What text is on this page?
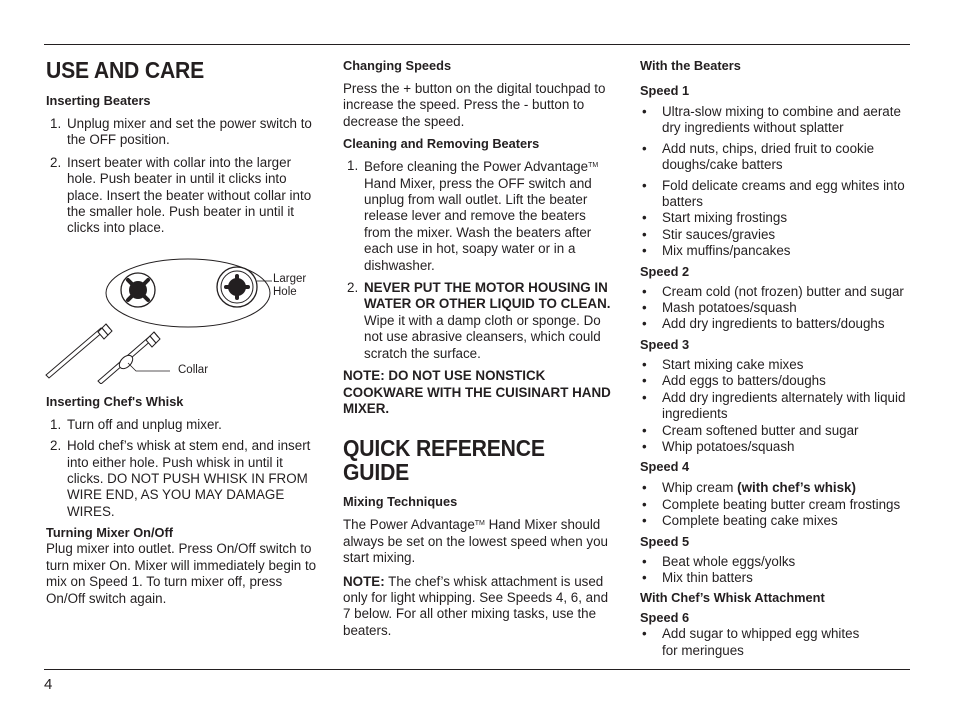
USE AND CARE
Inserting Beaters
1. Unplug mixer and set the power switch to the OFF position.
2. Insert beater with collar into the larger hole. Push beater in until it clicks into place. Insert the beater without collar into the smaller hole. Push beater in until it clicks into place.
Larger Hole
Collar
Inserting Chef's Whisk
1. Turn off and unplug mixer.
2. Hold chef’s whisk at stem end, and insert into either hole. Push whisk in until it clicks. DO NOT PUSH WHISK IN FROM WIRE END, AS YOU MAY DAMAGE WIRES.
Turning Mixer On/Off

Plug mixer into outlet. Press On/Off switch to turn mixer On. Mixer will immediately begin to mix on Speed 1. To turn mixer off, press On/Off switch again.

Changing Speeds

Press the + button on the digital touchpad to increase the speed. Press the - button to decrease the speed.

Cleaning and Removing Beaters
1. Before cleaning the Power Advantage™ Hand Mixer, press the OFF switch and unplug from wall outlet. Lift the beater release lever and remove the beaters from the mixer. Wash the beaters after each use in hot, soapy water or in a dishwasher.
2. NEVER PUT THE MOTOR HOUSING IN WATER OR OTHER LIQUID TO CLEAN. Wipe it with a damp cloth or sponge. Do not use abrasive cleansers, which could scratch the surface.

NOTE: DO NOT USE NONSTICK COOKWARE WITH THE CUISINART HAND MIXER.

QUICK REFERENCE GUIDE
Mixing Techniques

The Power Advantage™ Hand Mixer should always be set on the lowest speed when you start mixing.

NOTE: The chef’s whisk attachment is used only for light whipping. See Speeds 4, 6, and 7 below. For all other mixing tasks, use the beaters.

With the Beaters
Speed 1
• Ultra-slow mixing to combine and aerate dry ingredients without splatter
• Add nuts, chips, dried fruit to cookie doughs/cake batters
• Fold delicate creams and egg whites into batters
• Start mixing frostings
• Stir sauces/gravies
• Mix muffins/pancakes
Speed 2
• Cream cold (not frozen) butter and sugar
• Mash potatoes/squash
• Add dry ingredients to batters/doughs
Speed 3
• Start mixing cake mixes
• Add eggs to batters/doughs
• Add dry ingredients alternately with liquid ingredients
• Cream softened butter and sugar
• Whip potatoes/squash
Speed 4
• Whip cream (with chef’s whisk)
• Complete beating butter cream frostings
• Complete beating cake mixes
Speed 5
• Beat whole eggs/yolks
• Mix thin batters
With Chef’s Whisk Attachment
Speed 6
• Add sugar to whipped egg whites for meringues
4
